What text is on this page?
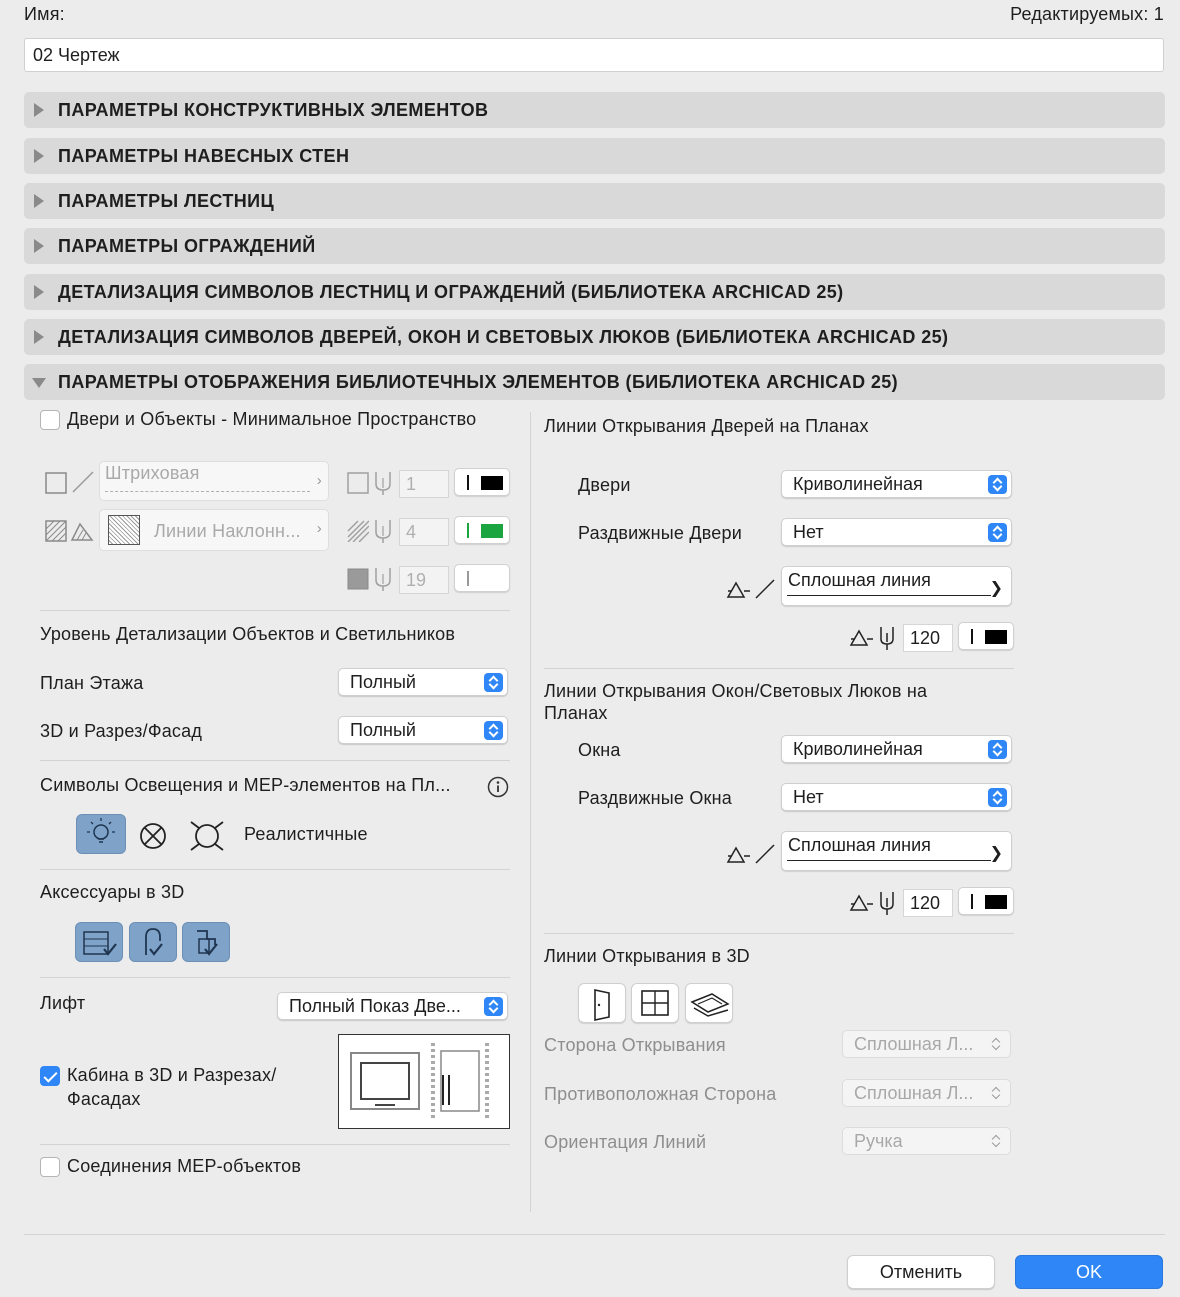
Имя:	Редактируемых: 1
02 Чертеж
ПАРАМЕТРЫ КОНСТРУКТИВНЫХ ЭЛЕМЕНТОВ
ПАРАМЕТРЫ НАВЕСНЫХ СТЕН
ПАРАМЕТРЫ ЛЕСТНИЦ
ПАРАМЕТРЫ ОГРАЖДЕНИЙ
ДЕТАЛИЗАЦИЯ СИМВОЛОВ ЛЕСТНИЦ И ОГРАЖДЕНИЙ (БИБЛИОТЕКА ARCHICAD 25)
ДЕТАЛИЗАЦИЯ СИМВОЛОВ ДВЕРЕЙ, ОКОН И СВЕТОВЫХ ЛЮКОВ (БИБЛИОТЕКА ARCHICAD 25)
ПАРАМЕТРЫ ОТОБРАЖЕНИЯ БИБЛИОТЕЧНЫХ ЭЛЕМЕНТОВ (БИБЛИОТЕКА ARCHICAD 25)
Двери и Объекты - Минимальное Пространство
Штриховая	›	1
Линии Наклонн... ›	4
19
Уровень Детализации Объектов и Светильников
План Этажа	Полный
3D и Разрез/Фасад	Полный
Символы Освещения и MEP-элементов на Пл...
Реалистичные
Аксессуары в 3D
Лифт	Полный Показ Две...
Кабина в 3D и Разрезах/
Фасадах
Соединения MEP-объектов
Линии Открывания Дверей на Планах
Двери	Криволинейная
Раздвижные Двери	Нет
Сплошная линия	❯
120
Линии Открывания Окон/Световых Люков на
Планах
Окна	Криволинейная
Раздвижные Окна	Нет
Сплошная линия	❯
120
Линии Открывания в 3D
Сторона Открывания	Сплошная Л...
Противоположная Сторона	Сплошная Л...
Ориентация Линий	Ручка
Отменить	OK
